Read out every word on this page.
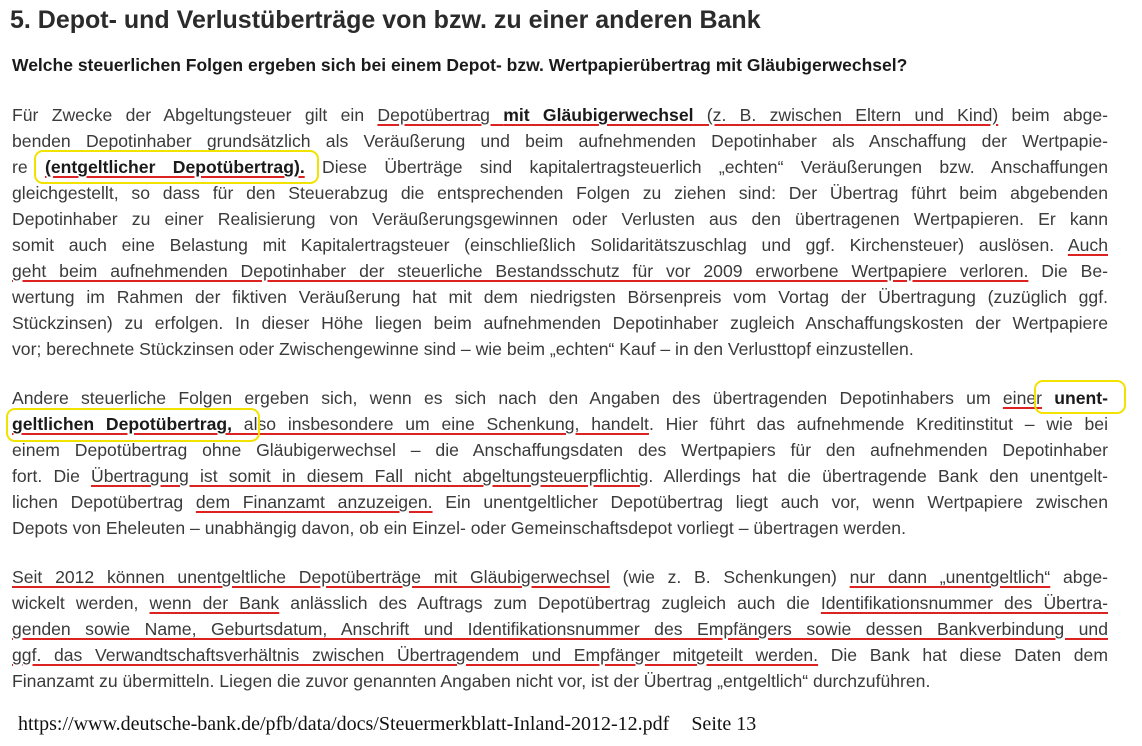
5. Depot- und Verlustüberträge von bzw. zu einer anderen Bank
Welche steuerlichen Folgen ergeben sich bei einem Depot- bzw. Wertpapierübertrag mit Gläubigerwechsel?
Für Zwecke der Abgeltungsteuer gilt ein Depotübertrag mit Gläubigerwechsel (z. B. zwischen Eltern und Kind) beim abge-
benden Depotinhaber grundsätzlich als Veräußerung und beim aufnehmenden Depotinhaber als Anschaffung der Wertpapie-
re (entgeltlicher Depotübertrag). Diese Überträge sind kapitalertragsteuerlich „echten“ Veräußerungen bzw. Anschaffungen
gleichgestellt, so dass für den Steuerabzug die entsprechenden Folgen zu ziehen sind: Der Übertrag führt beim abgebenden
Depotinhaber zu einer Realisierung von Veräußerungsgewinnen oder Verlusten aus den übertragenen Wertpapieren. Er kann
somit auch eine Belastung mit Kapitalertragsteuer (einschließlich Solidaritätszuschlag und ggf. Kirchensteuer) auslösen. Auch
geht beim aufnehmenden Depotinhaber der steuerliche Bestandsschutz für vor 2009 erworbene Wertpapiere verloren. Die Be-
wertung im Rahmen der fiktiven Veräußerung hat mit dem niedrigsten Börsenpreis vom Vortag der Übertragung (zuzüglich ggf.
Stückzinsen) zu erfolgen. In dieser Höhe liegen beim aufnehmenden Depotinhaber zugleich Anschaffungskosten der Wertpapiere
vor; berechnete Stückzinsen oder Zwischengewinne sind – wie beim „echten“ Kauf – in den Verlusttopf einzustellen.
Andere steuerliche Folgen ergeben sich, wenn es sich nach den Angaben des übertragenden Depotinhabers um einer unent-
geltlichen Depotübertrag, also insbesondere um eine Schenkung, handelt. Hier führt das aufnehmende Kreditinstitut – wie bei
einem Depotübertrag ohne Gläubigerwechsel – die Anschaffungsdaten des Wertpapiers für den aufnehmenden Depotinhaber
fort. Die Übertragung ist somit in diesem Fall nicht abgeltungsteuerpflichtig. Allerdings hat die übertragende Bank den unentgelt-
lichen Depotübertrag dem Finanzamt anzuzeigen. Ein unentgeltlicher Depotübertrag liegt auch vor, wenn Wertpapiere zwischen
Depots von Eheleuten – unabhängig davon, ob ein Einzel- oder Gemeinschaftsdepot vorliegt – übertragen werden.
Seit 2012 können unentgeltliche Depotüberträge mit Gläubigerwechsel (wie z. B. Schenkungen) nur dann „unentgeltlich“ abge-
wickelt werden, wenn der Bank anlässlich des Auftrags zum Depotübertrag zugleich auch die Identifikationsnummer des Übertra-
genden sowie Name, Geburtsdatum, Anschrift und Identifikationsnummer des Empfängers sowie dessen Bankverbindung und
ggf. das Verwandtschaftsverhältnis zwischen Übertragendem und Empfänger mitgeteilt werden. Die Bank hat diese Daten dem
Finanzamt zu übermitteln. Liegen die zuvor genannten Angaben nicht vor, ist der Übertrag „entgeltlich“ durchzuführen.

https://www.deutsche-bank.de/pfb/data/docs/Steuermerkblatt-Inland-2012-12.pdf Seite 13
